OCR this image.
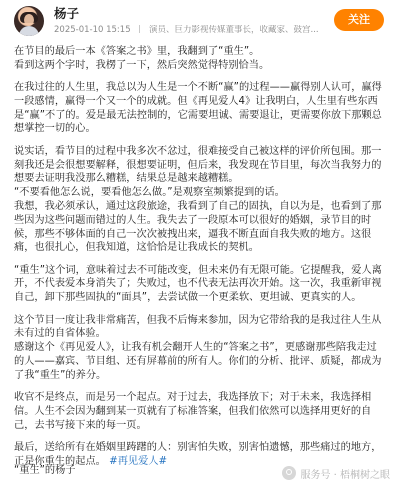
杨子
2025-01-10 15:15 演员、巨力影视传媒董事长，收藏家、鼓宫...
关注
在节目的最后一本《答案之书》里，我翻到了“重生”。
看到这两个字时，我楞了一下，然后突然觉得特别恰当。
在我过往的人生里，我总以为人生是一个不断“赢”的过程——赢得别人认可，赢得一段感情，赢得一个又一个的成就。但《再见爱人4》让我明白，人生里有些东西是“赢”不了的。爱是最无法控制的，它需要坦诚、需要退让，更需要你放下那颗总想掌控一切的心。
说实话，看节目的过程中我多次不忿过，很难接受自己被这样的评价所包围。那一刻我还是会很想要解释，很想要证明，但后来，我发现在节目里，每次当我努力的想要去证明我没那么糟糕，结果总是越来越糟糕。
“不要看他怎么说，要看他怎么做。”是观察室频繁提到的话。
我想，我必须承认，通过这段旅途，我看到了自己的固执，自以为是，也看到了那些因为这些问题而错过的人生。我失去了一段原本可以很好的婚姻，录节目的时候，那些不够体面的自己一次次被拽出来，逼我不断直面自我失败的地方。这很痛，也很扎心，但我知道，这恰恰是让我成长的契机。
“重生”这个词，意味着过去不可能改变，但未来仍有无限可能。它提醒我，爱人离开，不代表爱本身消失了；失败过，也不代表无法再次开始。这一次，我重新审视自己，卸下那些固执的“面具”，去尝试做一个更柔软、更坦诚、更真实的人。
这个节目一度让我非常痛苦，但我不后悔来参加，因为它带给我的是我过往人生从未有过的自省体验。
感谢这个《再见爱人》，让我有机会翻开人生的“答案之书”，更感谢那些陪我走过的人——嘉宾、节目组、还有屏幕前的所有人。你们的分析、批评、质疑，都成为了我“重生”的养分。
收官不是终点，而是另一个起点。对于过去，我选择放下；对于未来，我选择相信。人生不会因为翻到某一页就有了标准答案，但我们依然可以选择用更好的自己，去书写接下来的每一页。
最后，送给所有在婚姻里踌躇的人：别害怕失败，别害怕遗憾，那些痛过的地方，正是你重生的起点。 #再见爱人#
“重生”的杨子	服务号 · 梧桐树之眼
